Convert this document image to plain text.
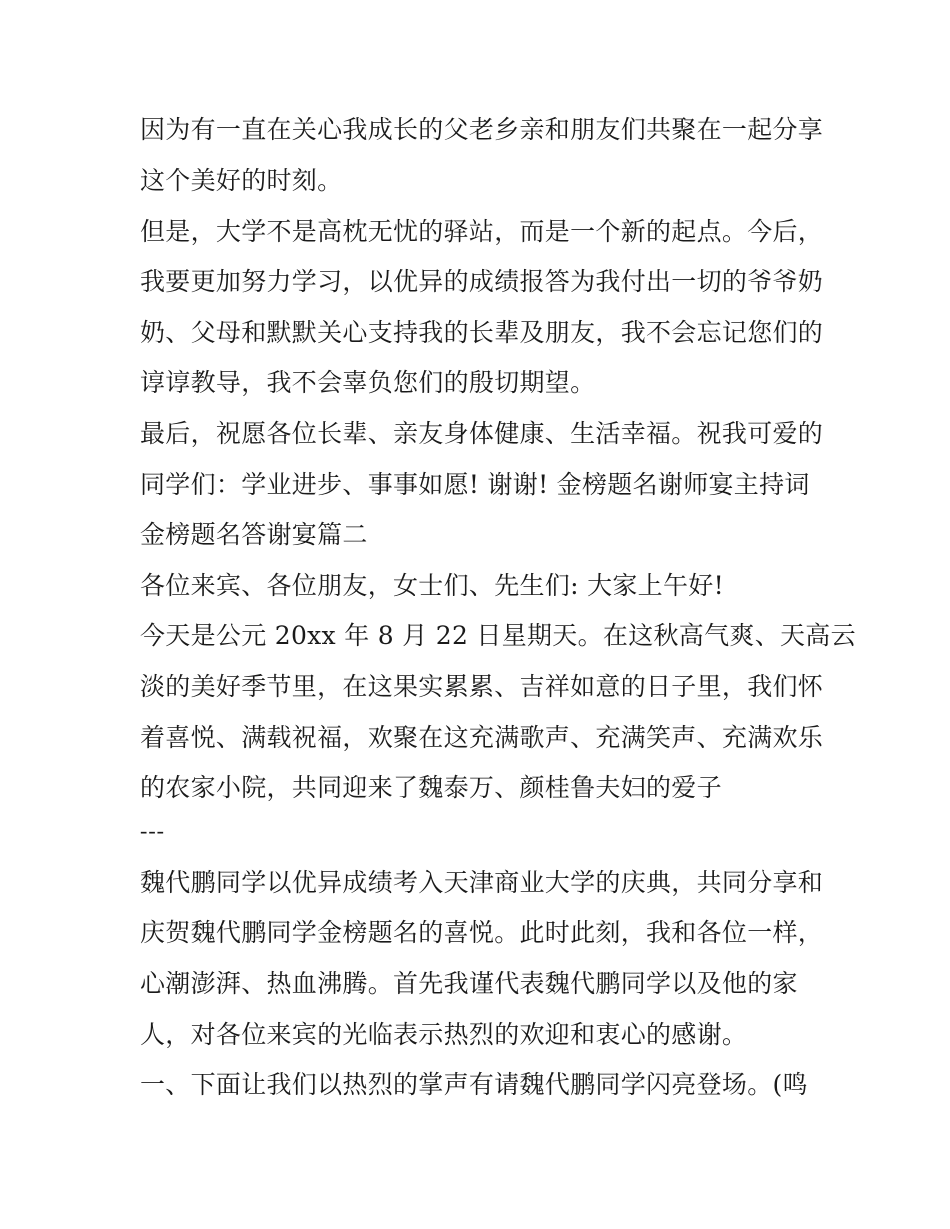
因为有一直在关心我成长的父老乡亲和朋友们共聚在一起分享
这个美好的时刻。
但是，大学不是高枕无忧的驿站，而是一个新的起点。今后，
我要更加努力学习，以优异的成绩报答为我付出一切的爷爷奶
奶、父母和默默关心支持我的长辈及朋友，我不会忘记您们的
谆谆教导，我不会辜负您们的殷切期望。
最后，祝愿各位长辈、亲友身体健康、生活幸福。祝我可爱的
同学们：学业进步、事事如愿! 谢谢! 金榜题名谢师宴主持词
金榜题名答谢宴篇二
各位来宾、各位朋友，女士们、先生们: 大家上午好!
今天是公元 20xx 年 8 月 22 日星期天。在这秋高气爽、天高云
淡的美好季节里，在这果实累累、吉祥如意的日子里，我们怀
着喜悦、满载祝福，欢聚在这充满歌声、充满笑声、充满欢乐
的农家小院，共同迎来了魏泰万、颜桂鲁夫妇的爱子
---
魏代鹏同学以优异成绩考入天津商业大学的庆典，共同分享和
庆贺魏代鹏同学金榜题名的喜悦。此时此刻，我和各位一样，
心潮澎湃、热血沸腾。首先我谨代表魏代鹏同学以及他的家
人，对各位来宾的光临表示热烈的欢迎和衷心的感谢。
一、下面让我们以热烈的掌声有请魏代鹏同学闪亮登场。(鸣
